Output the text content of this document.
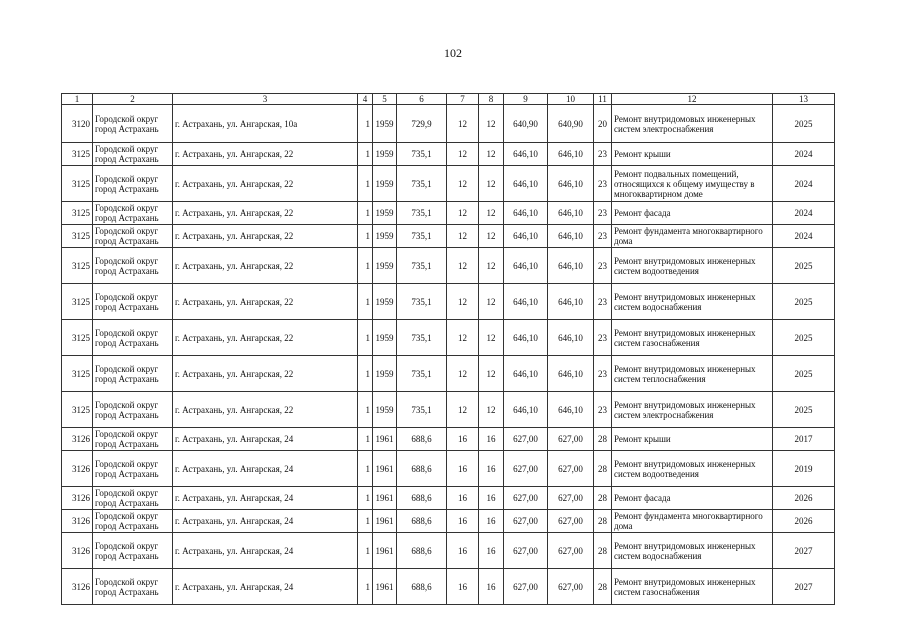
102
1	2	3	4	5	6	7	8	9	10	11	12	13
3120	Городской округ город Астрахань	г. Астрахань, ул. Ангарская, 10а	1	1959	729,9	12	12	640,90	640,90	20	Ремонт внутридомовых инженерных систем электроснабжения	2025
3125	Городской округ город Астрахань	г. Астрахань, ул. Ангарская, 22	1	1959	735,1	12	12	646,10	646,10	23	Ремонт крыши	2024
3125	Городской округ город Астрахань	г. Астрахань, ул. Ангарская, 22	1	1959	735,1	12	12	646,10	646,10	23	Ремонт подвальных помещений, относящихся к общему имуществу в многоквартирном доме	2024
3125	Городской округ город Астрахань	г. Астрахань, ул. Ангарская, 22	1	1959	735,1	12	12	646,10	646,10	23	Ремонт фасада	2024
3125	Городской округ город Астрахань	г. Астрахань, ул. Ангарская, 22	1	1959	735,1	12	12	646,10	646,10	23	Ремонт фундамента многоквартирного дома	2024
3125	Городской округ город Астрахань	г. Астрахань, ул. Ангарская, 22	1	1959	735,1	12	12	646,10	646,10	23	Ремонт внутридомовых инженерных систем водоотведения	2025
3125	Городской округ город Астрахань	г. Астрахань, ул. Ангарская, 22	1	1959	735,1	12	12	646,10	646,10	23	Ремонт внутридомовых инженерных систем водоснабжения	2025
3125	Городской округ город Астрахань	г. Астрахань, ул. Ангарская, 22	1	1959	735,1	12	12	646,10	646,10	23	Ремонт внутридомовых инженерных систем газоснабжения	2025
3125	Городской округ город Астрахань	г. Астрахань, ул. Ангарская, 22	1	1959	735,1	12	12	646,10	646,10	23	Ремонт внутридомовых инженерных систем теплоснабжения	2025
3125	Городской округ город Астрахань	г. Астрахань, ул. Ангарская, 22	1	1959	735,1	12	12	646,10	646,10	23	Ремонт внутридомовых инженерных систем электроснабжения	2025
3126	Городской округ город Астрахань	г. Астрахань, ул. Ангарская, 24	1	1961	688,6	16	16	627,00	627,00	28	Ремонт крыши	2017
3126	Городской округ город Астрахань	г. Астрахань, ул. Ангарская, 24	1	1961	688,6	16	16	627,00	627,00	28	Ремонт внутридомовых инженерных систем водоотведения	2019
3126	Городской округ город Астрахань	г. Астрахань, ул. Ангарская, 24	1	1961	688,6	16	16	627,00	627,00	28	Ремонт фасада	2026
3126	Городской округ город Астрахань	г. Астрахань, ул. Ангарская, 24	1	1961	688,6	16	16	627,00	627,00	28	Ремонт фундамента многоквартирного дома	2026
3126	Городской округ город Астрахань	г. Астрахань, ул. Ангарская, 24	1	1961	688,6	16	16	627,00	627,00	28	Ремонт внутридомовых инженерных систем водоснабжения	2027
3126	Городской округ город Астрахань	г. Астрахань, ул. Ангарская, 24	1	1961	688,6	16	16	627,00	627,00	28	Ремонт внутридомовых инженерных систем газоснабжения	2027
